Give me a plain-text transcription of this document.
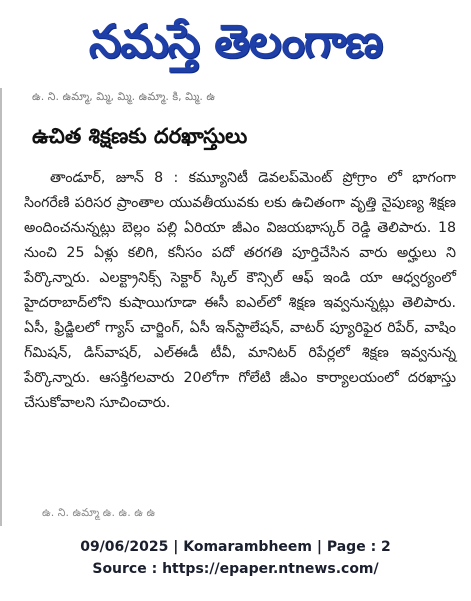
నమస్తే తెలంగాణ
ఉ. ని. ఉమ్మా, మ్మి, మ్మి. ఉమ్మా. కి, మ్మి. ఉ
ఉచిత శిక్షణకు దరఖాస్తులు
తాండూర్, జూన్ 8 : కమ్యూనిటీ డెవలప్‌మెంట్ ప్రోగ్రాం లో భాగంగా సింగరేణి పరిసర ప్రాంతాల యువతీయువకు లకు ఉచితంగా వృత్తి నైపుణ్య శిక్షణ అందించనున్నట్లు బెల్లం పల్లి ఏరియా జీఎం విజయభాస్కర్ రెడ్డి తెలిపారు. 18 నుంచి 25 ఏళ్లు కలిగి, కనీసం పదో తరగతి పూర్తిచేసిన వారు అర్హులు ని పేర్కొన్నారు. ఎలక్ట్రానిక్స్ సెక్టార్ స్కిల్ కౌన్సిల్ ఆఫ్ ఇండి యా ఆధ్వర్యంలో హైదరాబాద్‌లోని కుషాయిగూడా ఈసీ ఐఎల్‌లో శిక్షణ ఇవ్వనున్నట్లు తెలిపారు. ఏసీ, ఫ్రిడ్జిలలో గ్యాస్ చార్జింగ్, ఏసీ ఇన్‌స్టాలేషన్, వాటర్ ప్యూరిఫైర రిపేర్, వాషిం గ్‌మిషన్, డిస్‌వాషర్, ఎల్‌ఈడీ టీవీ, మానిటర్ రిపేర్లలో శిక్షణ ఇవ్వనున్న పేర్కొన్నారు. ఆసక్తిగలవారు 20లోగా గోలేటి జీఎం కార్యాలయంలో దరఖాస్తు చేసుకోవాలని సూచించారు.
ఉ. ని. ఉమ్మా ఉ. ఉ. ఉ ఉ
09/06/2025 | Komarambheem | Page : 2
Source : https://epaper.ntnews.com/
